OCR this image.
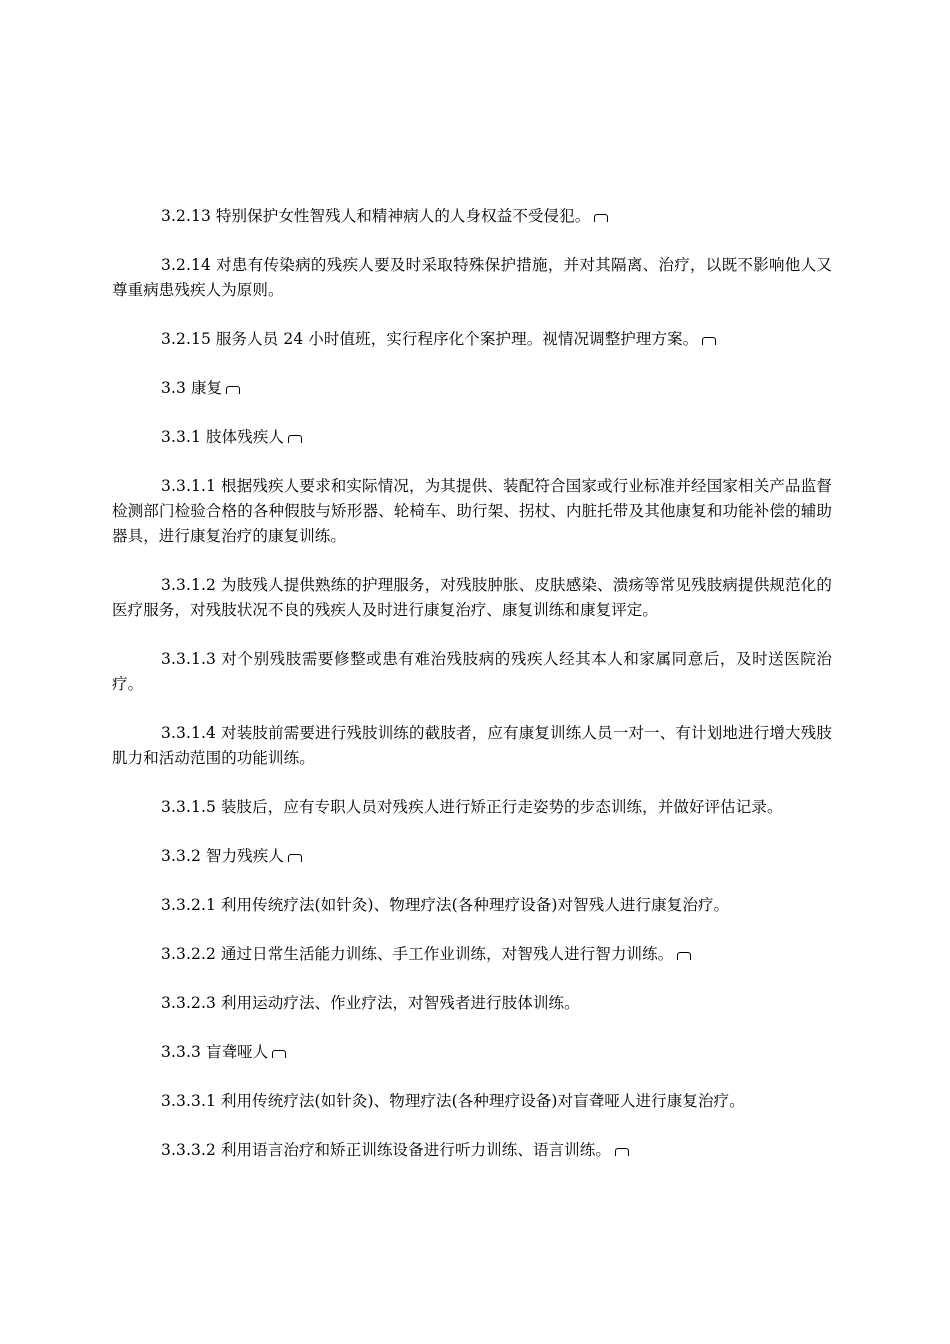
3.2.13 特别保护女性智残人和精神病人的人身权益不受侵犯。

3.2.14 对患有传染病的残疾人要及时采取特殊保护措施，并对其隔离、治疗，以既不影响他人又尊重病患残疾人为原则。

3.2.15 服务人员 24 小时值班，实行程序化个案护理。视情况调整护理方案。

3.3 康复

3.3.1 肢体残疾人

3.3.1.1 根据残疾人要求和实际情况，为其提供、装配符合国家或行业标准并经国家相关产品监督检测部门检验合格的各种假肢与矫形器、轮椅车、助行架、拐杖、内脏托带及其他康复和功能补偿的辅助器具，进行康复治疗的康复训练。

3.3.1.2 为肢残人提供熟练的护理服务，对残肢肿胀、皮肤感染、溃疡等常见残肢病提供规范化的医疗服务，对残肢状况不良的残疾人及时进行康复治疗、康复训练和康复评定。

3.3.1.3 对个别残肢需要修整或患有难治残肢病的残疾人经其本人和家属同意后，及时送医院治疗。

3.3.1.4 对装肢前需要进行残肢训练的截肢者，应有康复训练人员一对一、有计划地进行增大残肢肌力和活动范围的功能训练。

3.3.1.5 装肢后，应有专职人员对残疾人进行矫正行走姿势的步态训练，并做好评估记录。

3.3.2 智力残疾人

3.3.2.1 利用传统疗法(如针灸)、物理疗法(各种理疗设备)对智残人进行康复治疗。

3.3.2.2 通过日常生活能力训练、手工作业训练，对智残人进行智力训练。

3.3.2.3 利用运动疗法、作业疗法，对智残者进行肢体训练。

3.3.3 盲聋哑人

3.3.3.1 利用传统疗法(如针灸)、物理疗法(各种理疗设备)对盲聋哑人进行康复治疗。

3.3.3.2 利用语言治疗和矫正训练设备进行听力训练、语言训练。
